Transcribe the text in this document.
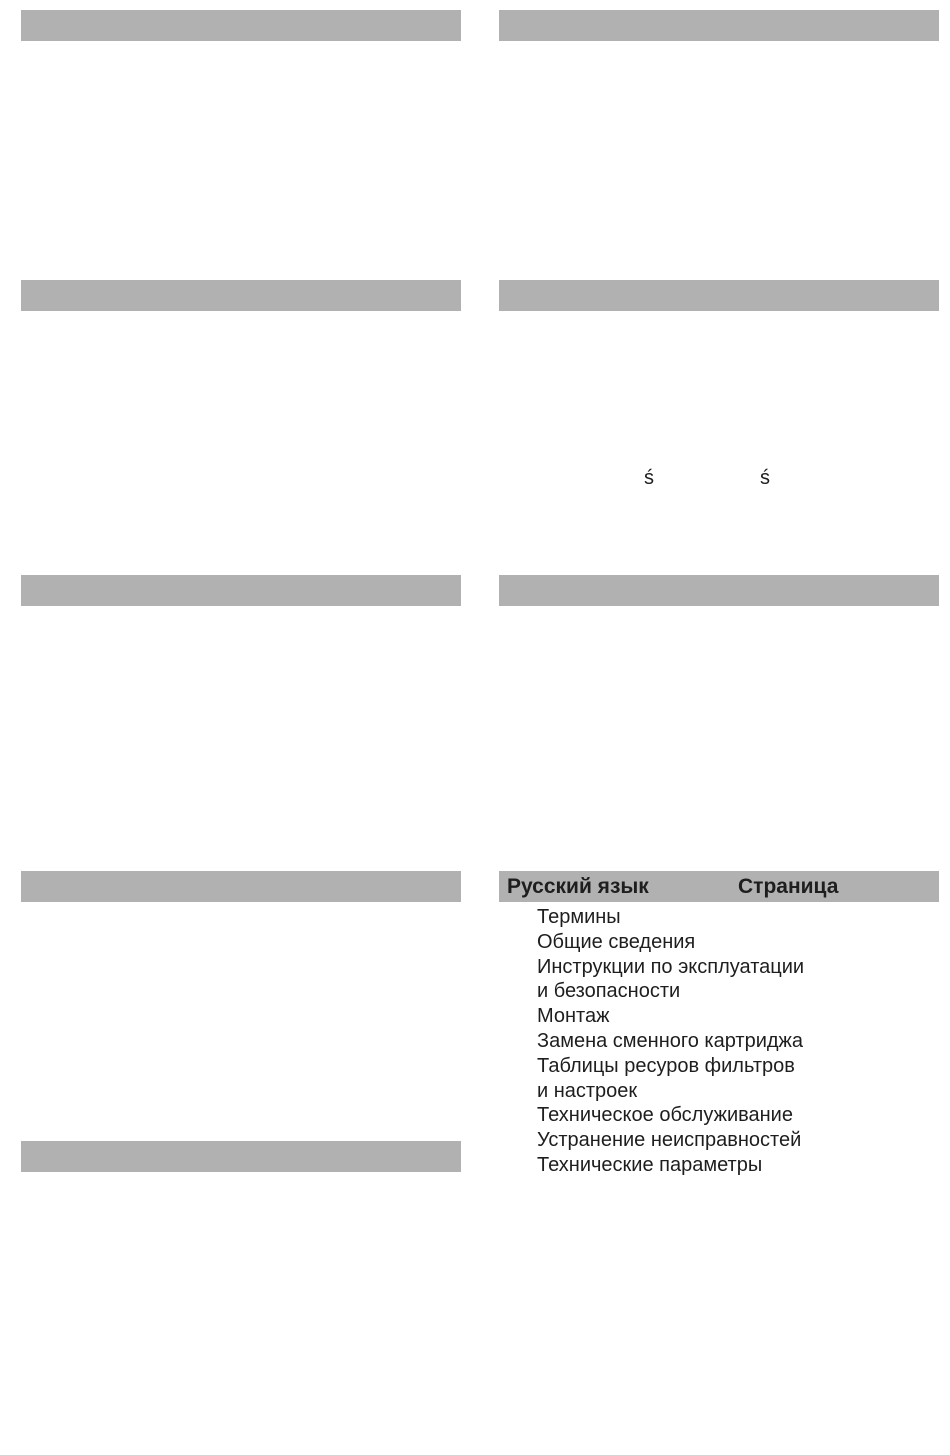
ś	ś
Русский язык	Страница
Термины
Общие сведения
Инструкции по эксплуатации
и безопасности
Монтаж
Замена сменного картриджа
Таблицы ресуров фильтров
и настроек
Техническое обслуживание
Устранение неисправностей
Технические параметры
